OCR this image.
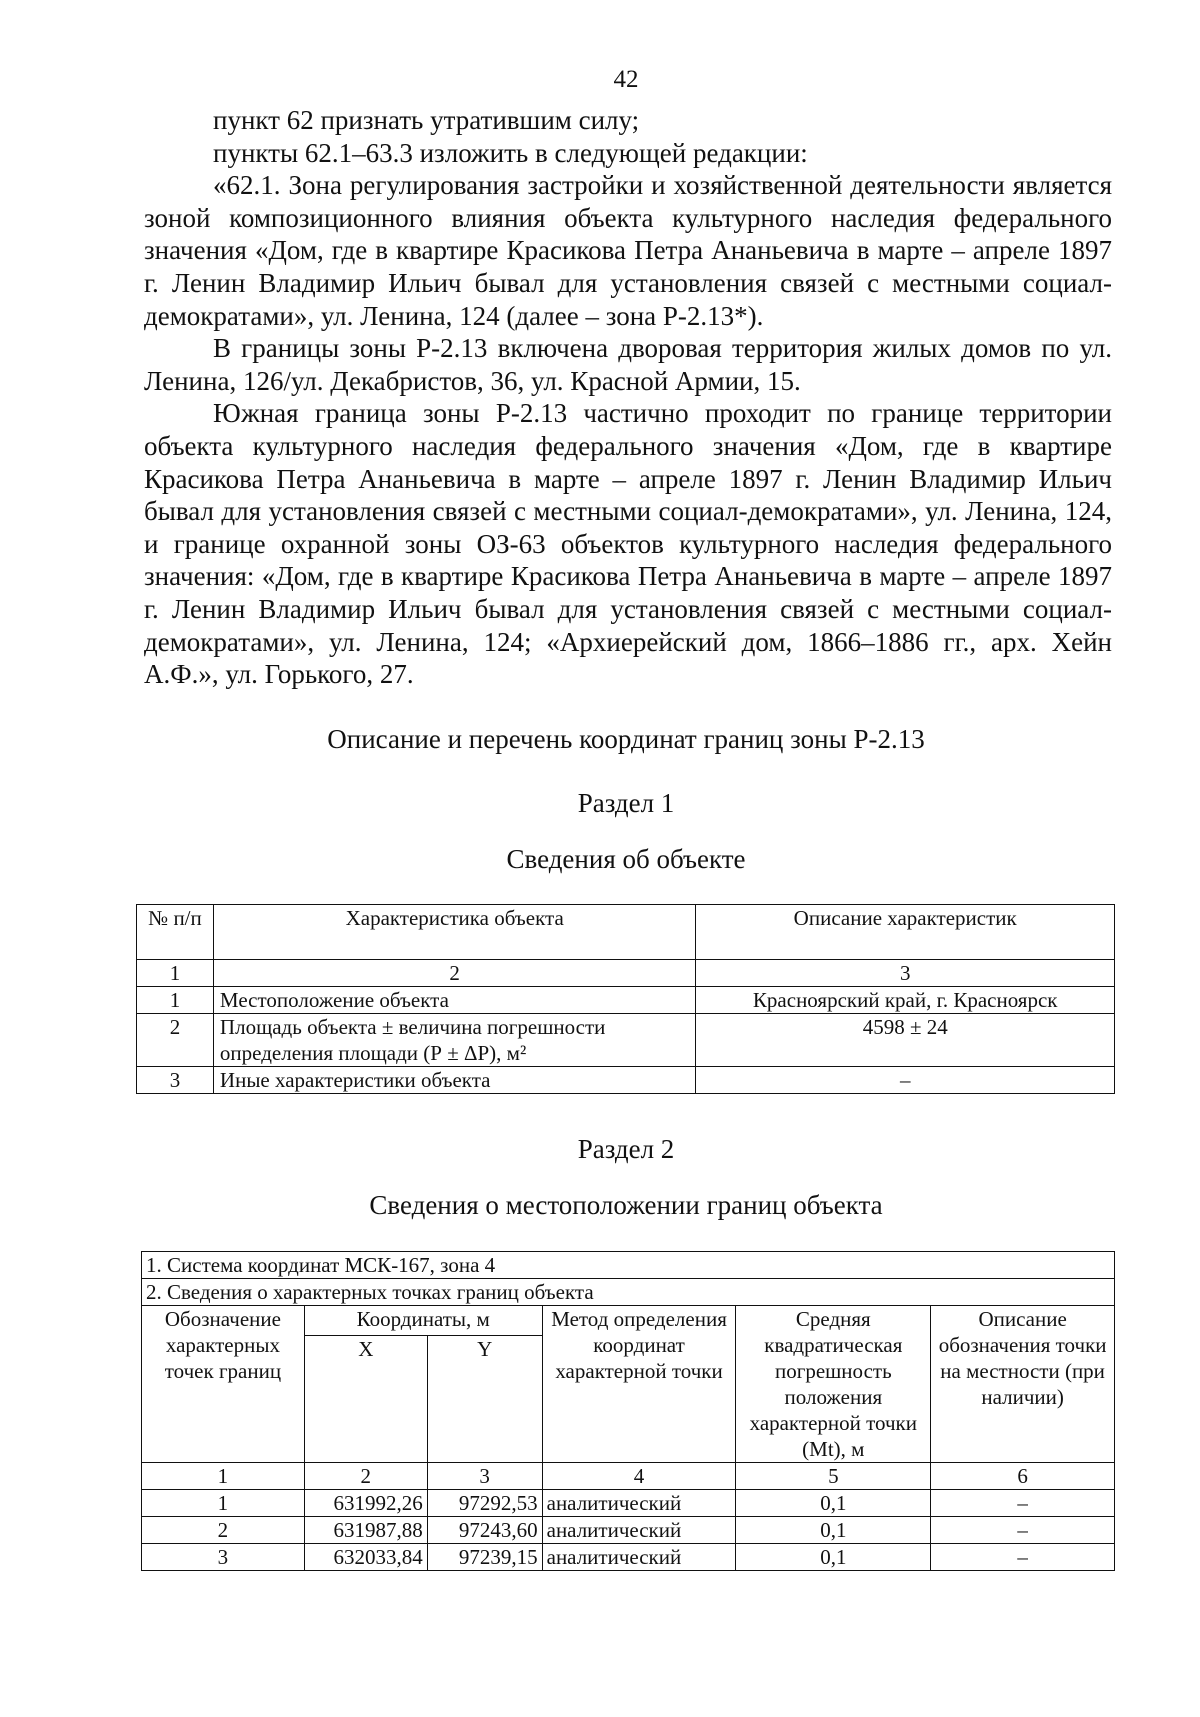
42

пункт 62 признать утратившим силу;

пункты 62.1–63.3 изложить в следующей редакции:

«62.1. Зона регулирования застройки и хозяйственной деятельности является зоной композиционного влияния объекта культурного наследия федерального значения «Дом, где в квартире Красикова Петра Ананьевича в марте – апреле 1897 г. Ленин Владимир Ильич бывал для установления связей с местными социал-демократами», ул. Ленина, 124 (далее – зона Р-2.13*).

В границы зоны Р-2.13 включена дворовая территория жилых домов по ул. Ленина, 126/ул. Декабристов, 36, ул. Красной Армии, 15.

Южная граница зоны Р-2.13 частично проходит по границе территории объекта культурного наследия федерального значения «Дом, где в квартире Красикова Петра Ананьевича в марте – апреле 1897 г. Ленин Владимир Ильич бывал для установления связей с местными социал-демократами», ул. Ленина, 124, и границе охранной зоны ОЗ-63 объектов культурного наследия федерального значения: «Дом, где в квартире Красикова Петра Ананьевича в марте – апреле 1897 г. Ленин Владимир Ильич бывал для установления связей с местными социал-демократами», ул. Ленина, 124; «Архиерейский дом, 1866–1886 гг., арх. Хейн А.Ф.», ул. Горького, 27.

Описание и перечень координат границ зоны Р-2.13
Раздел 1
Сведения об объекте
№ п/п	Характеристика объекта	Описание характеристик
1	2	3
1	Местоположение объекта	Красноярский край, г. Красноярск
2	Площадь объекта ± величина погрешности определения площади (Р ± ΔР), м²	4598 ± 24
3	Иные характеристики объекта	–
Раздел 2
Сведения о местоположении границ объекта
1. Система координат МСК-167, зона 4					
2. Сведения о характерных точках границ объекта					
Обозначение характерных точек границ	Координаты, м		Метод определения координат характерной точки	Средняя квадратическая погрешность положения характерной точки (Mt), м	Описание обозначения точки на местности (при наличии)
	X	Y			
1	2	3	4	5	6
1	631992,26	97292,53	аналитический	0,1	–
2	631987,88	97243,60	аналитический	0,1	–
3	632033,84	97239,15	аналитический	0,1	–
